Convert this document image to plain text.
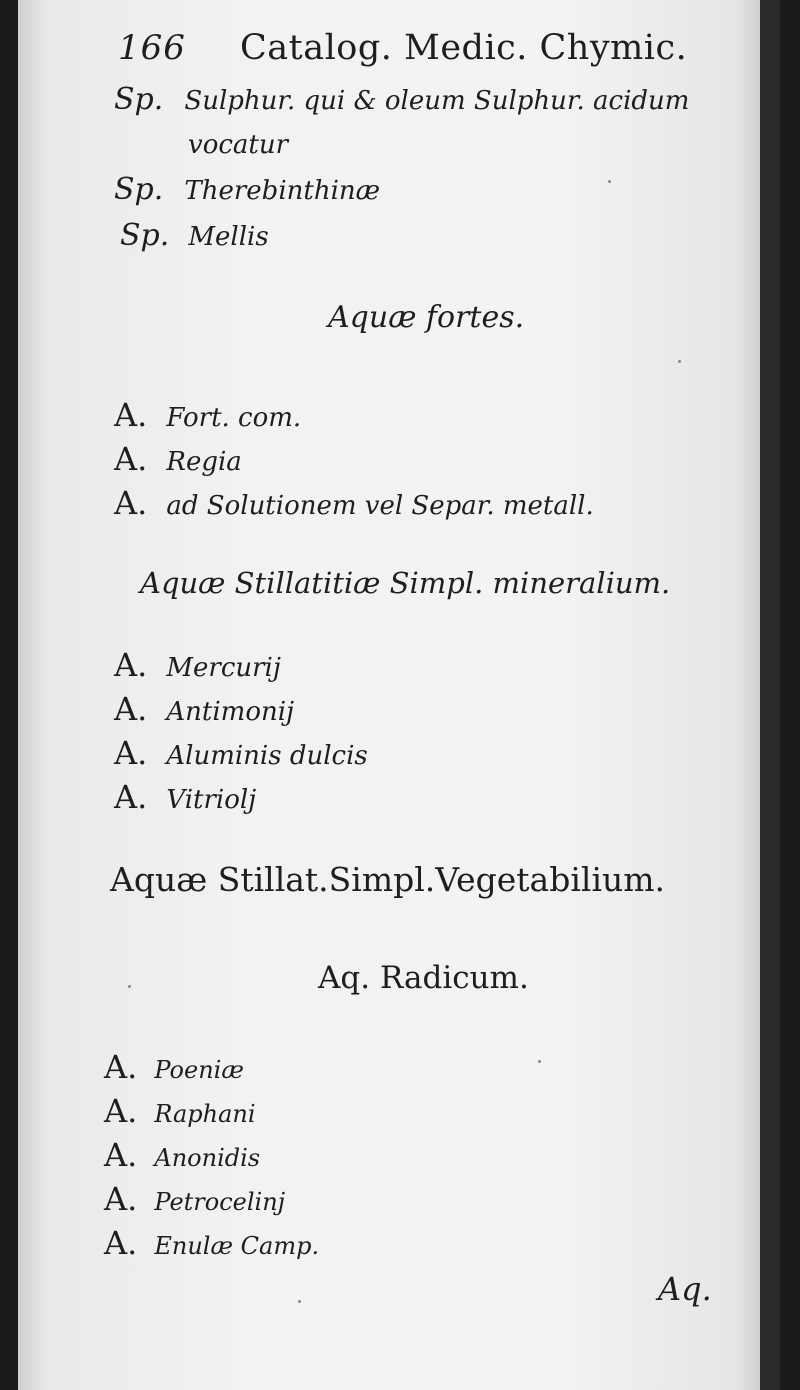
166 Catalog. Medic. Chymic.
Sp. Sulphur. qui & oleum Sulphur. acidum
vocatur
Sp. Therebinthinæ
Sp. Mellis
Aquæ fortes.
A. Fort. com.
A. Regia
A. ad Solutionem vel Separ. metall.
Aquæ Stillatitiæ Simpl. mineralium.
A. Mercurij
A. Antimonij
A. Aluminis dulcis
A. Vitriolj
Aquæ Stillat.Simpl.Vegetabilium.
Aq. Radicum.
A. Poeniæ
A. Raphani
A. Anonidis
A. Petrocelinj
A. Enulæ Camp.
Aq.
